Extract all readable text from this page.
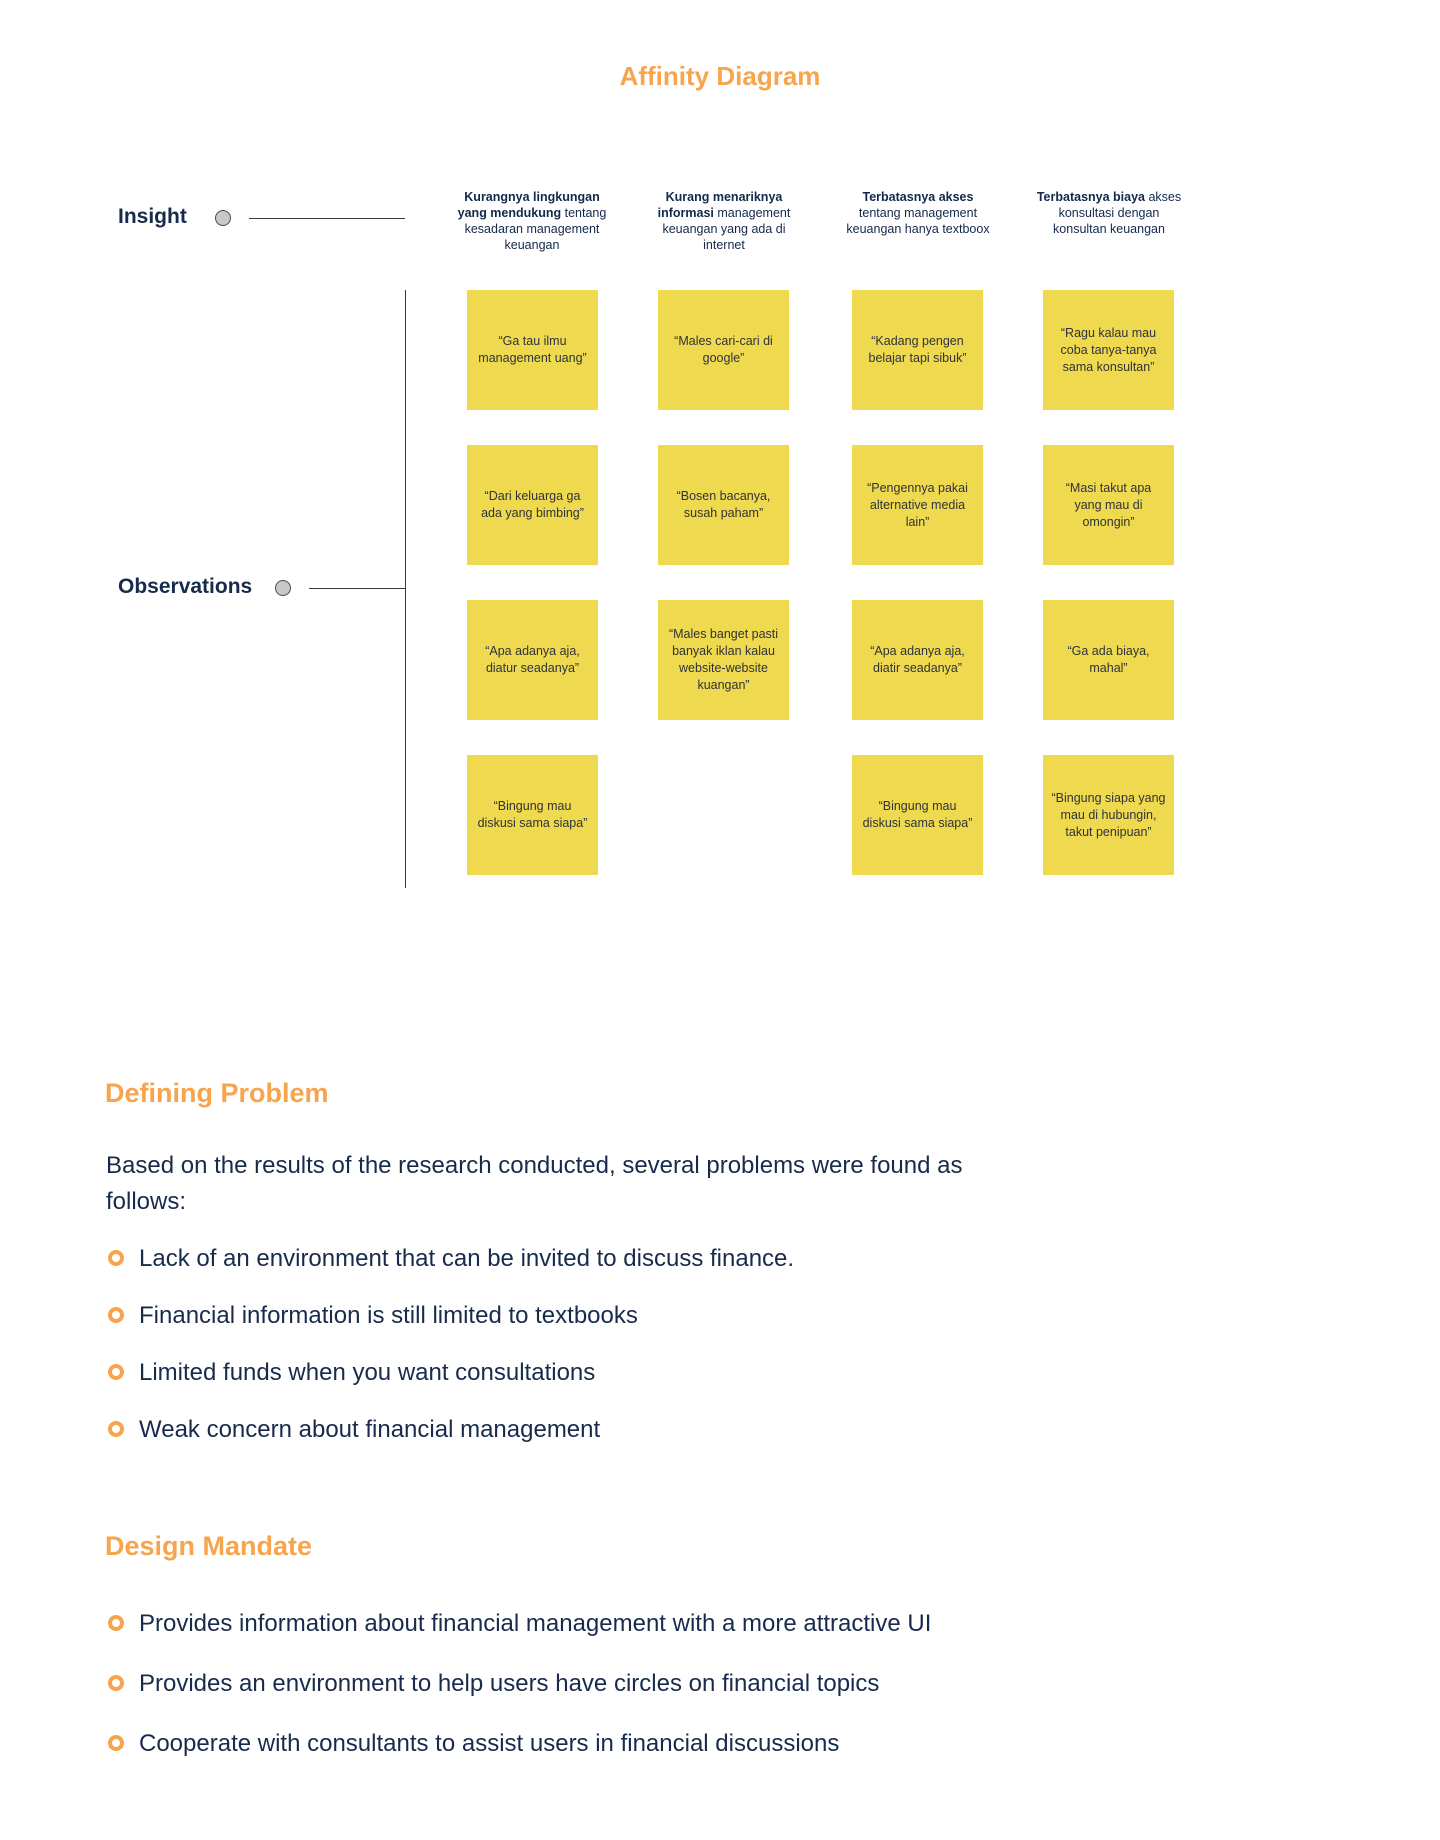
Affinity Diagram
Insight
Observations
Kurangnya lingkungan yang mendukung tentang kesadaran management keuangan
Kurang menariknya informasi management keuangan yang ada di internet
Terbatasnya akses tentang management keuangan hanya textboox
Terbatasnya biaya akses konsultasi dengan konsultan keuangan
“Ga tau ilmu management uang”
“Dari keluarga ga ada yang bimbing”
“Apa adanya aja, diatur seadanya”
“Bingung mau diskusi sama siapa”
“Males cari-cari di google”
“Bosen bacanya, susah paham”
“Males banget pasti banyak iklan kalau website-website kuangan”
“Kadang pengen belajar tapi sibuk”
“Pengennya pakai alternative media lain”
“Apa adanya aja, diatir seadanya”
“Bingung mau diskusi sama siapa”
“Ragu kalau mau coba tanya-tanya sama konsultan”
“Masi takut apa yang mau di omongin”
“Ga ada biaya, mahal”
“Bingung siapa yang mau di hubungin, takut penipuan”
Defining Problem
Based on the results of the research conducted, several problems were found as follows:
Lack of an environment that can be invited to discuss finance.
Financial information is still limited to textbooks
Limited funds when you want consultations
Weak concern about financial management
Design Mandate
Provides information about financial management with a more attractive UI
Provides an environment to help users have circles on financial topics
Cooperate with consultants to assist users in financial discussions
